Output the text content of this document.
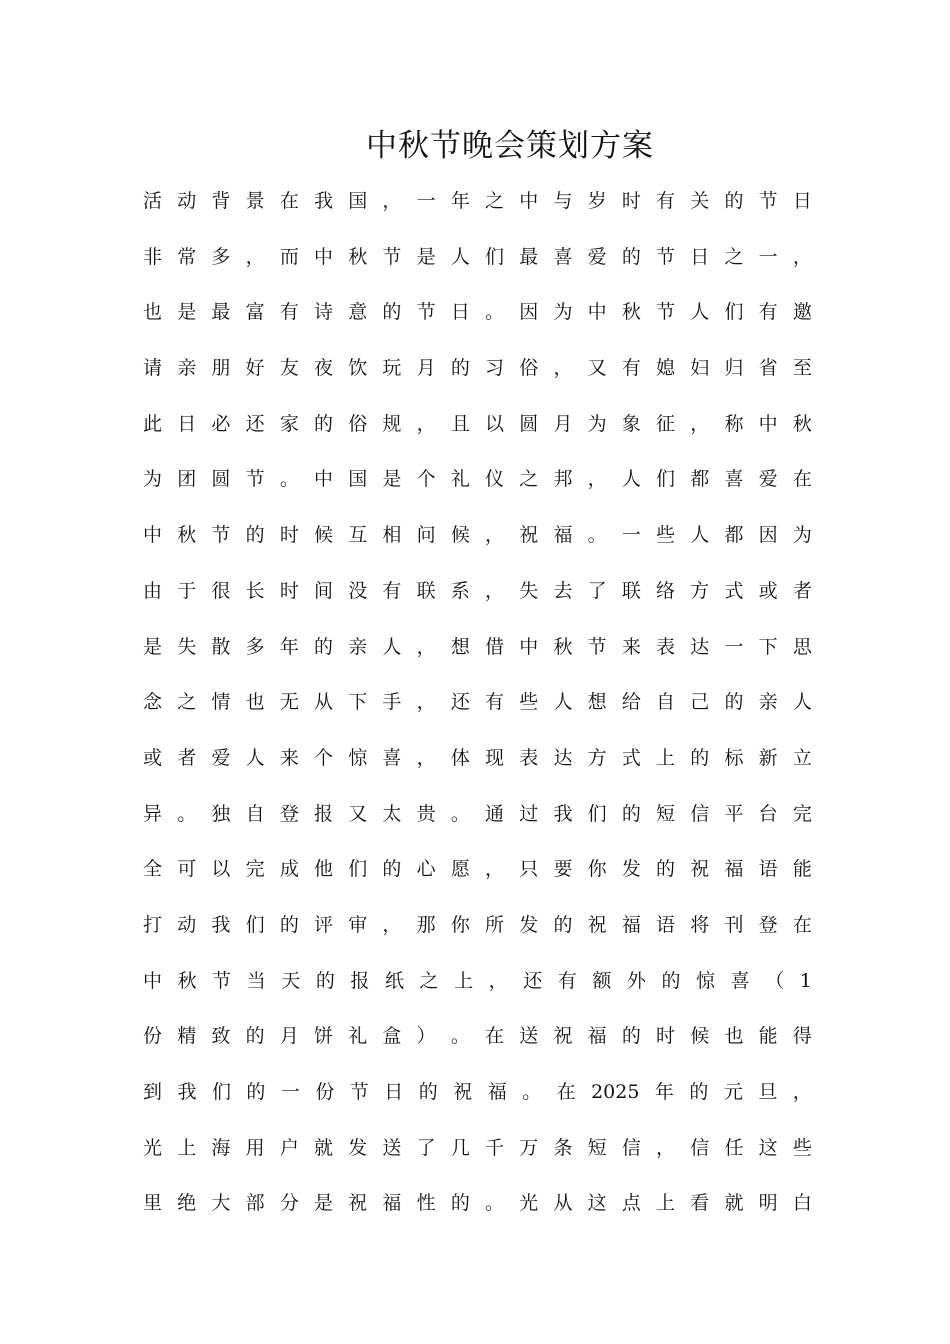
中秋节晚会策划方案
活 动 背 景 在 我 国 ， 一 年 之 中 与 岁 时 有 关 的 节 日
非 常 多 ， 而 中 秋 节 是 人 们 最 喜 爱 的 节 日 之 一 ，
也 是 最 富 有 诗 意 的 节 日 。 因 为 中 秋 节 人 们 有 邀
请 亲 朋 好 友 夜 饮 玩 月 的 习 俗 ， 又 有 媳 妇 归 省 至
此 日 必 还 家 的 俗 规 ， 且 以 圆 月 为 象 征 ， 称 中 秋
为 团 圆 节 。 中 国 是 个 礼 仪 之 邦 ， 人 们 都 喜 爱 在
中 秋 节 的 时 候 互 相 问 候 ， 祝 福 。 一 些 人 都 因 为
由 于 很 长 时 间 没 有 联 系 ， 失 去 了 联 络 方 式 或 者
是 失 散 多 年 的 亲 人 ， 想 借 中 秋 节 来 表 达 一 下 思
念 之 情 也 无 从 下 手 ， 还 有 些 人 想 给 自 己 的 亲 人
或 者 爱 人 来 个 惊 喜 ， 体 现 表 达 方 式 上 的 标 新 立
异 。 独 自 登 报 又 太 贵 。 通 过 我 们 的 短 信 平 台 完
全 可 以 完 成 他 们 的 心 愿 ， 只 要 你 发 的 祝 福 语 能
打 动 我 们 的 评 审 ， 那 你 所 发 的 祝 福 语 将 刊 登 在
中 秋 节 当 天 的 报 纸 之 上 ， 还 有 额 外 的 惊 喜 （ 1
份 精 致 的 月 饼 礼 盒 ） 。 在 送 祝 福 的 时 候 也 能 得
到 我 们 的 一 份 节 日 的 祝 福 。 在 2025 年 的 元 旦 ，
光 上 海 用 户 就 发 送 了 几 千 万 条 短 信 ， 信 任 这 些
里 绝 大 部 分 是 祝 福 性 的 。 光 从 这 点 上 看 就 明 白
